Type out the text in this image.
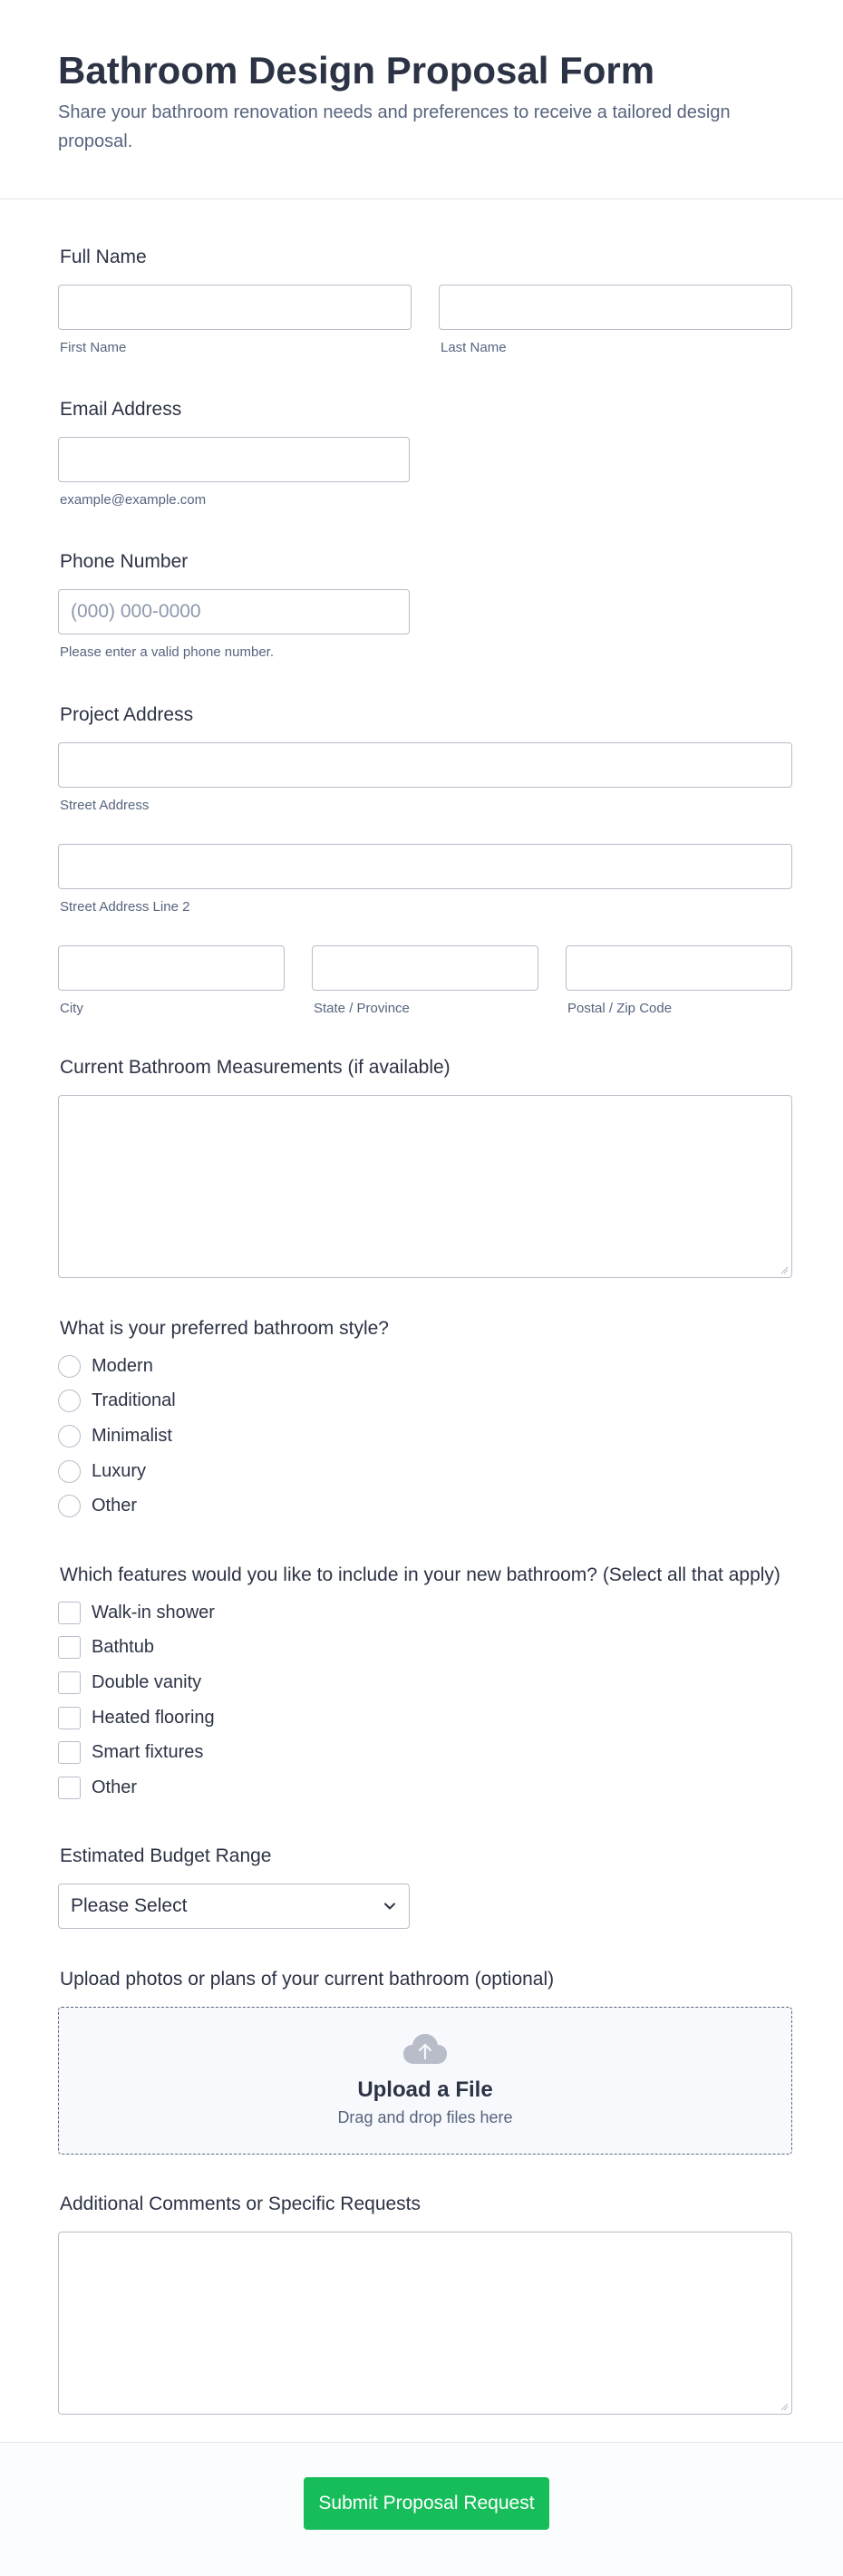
Bathroom Design Proposal Form
Share your bathroom renovation needs and preferences to receive a tailored design proposal.
Full Name
First Name	Last Name
Email Address
example@example.com
Phone Number
(000) 000-0000
Please enter a valid phone number.
Project Address
Street Address
Street Address Line 2
City	State / Province	Postal / Zip Code
Current Bathroom Measurements (if available)
What is your preferred bathroom style?
Modern
Traditional
Minimalist
Luxury
Other
Which features would you like to include in your new bathroom? (Select all that apply)
Walk-in shower
Bathtub
Double vanity
Heated flooring
Smart fixtures
Other
Estimated Budget Range
Please Select
Upload photos or plans of your current bathroom (optional)
Upload a File
Drag and drop files here
Additional Comments or Specific Requests
Submit Proposal Request
